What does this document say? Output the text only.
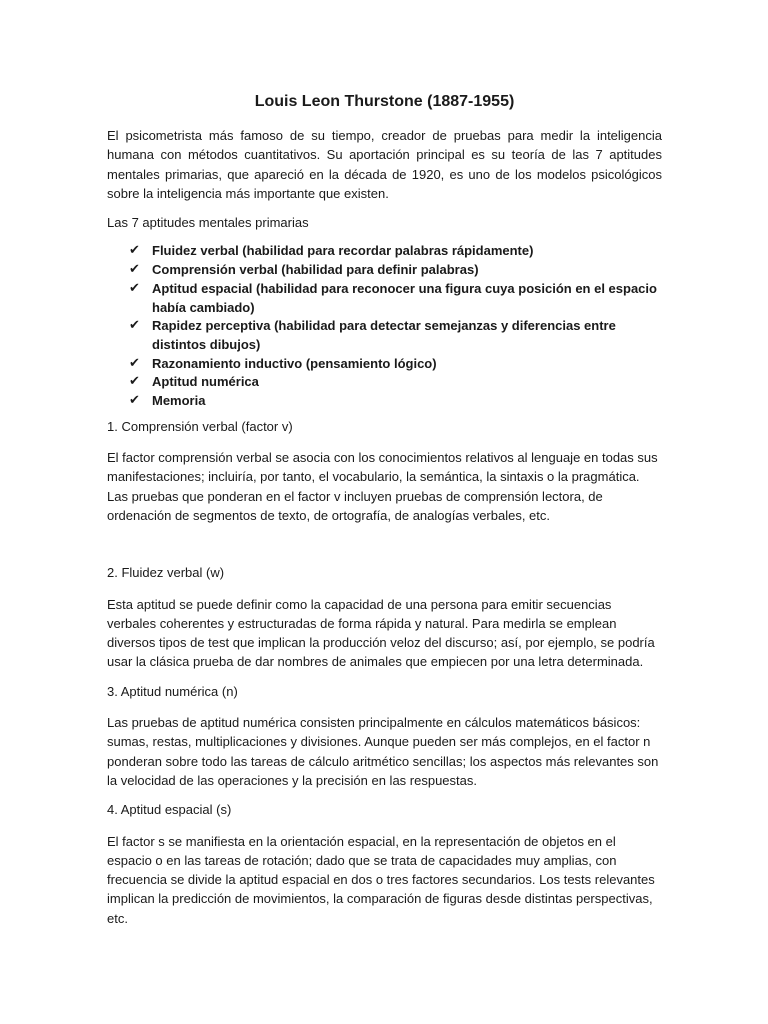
Louis Leon Thurstone (1887-1955)

El psicometrista más famoso de su tiempo, creador de pruebas para medir la inteligencia humana con métodos cuantitativos. Su aportación principal es su teoría de las 7 aptitudes mentales primarias, que apareció en la década de 1920, es uno de los modelos psicológicos sobre la inteligencia más importante que existen.

Las 7 aptitudes mentales primarias

✔ Fluidez verbal (habilidad para recordar palabras rápidamente)
✔ Comprensión verbal (habilidad para definir palabras)
✔ Aptitud espacial (habilidad para reconocer una figura cuya posición en el espacio había cambiado)
✔ Rapidez perceptiva (habilidad para detectar semejanzas y diferencias entre distintos dibujos)
✔ Razonamiento inductivo (pensamiento lógico)
✔ Aptitud numérica
✔ Memoria

1. Comprensión verbal (factor v)

El factor comprensión verbal se asocia con los conocimientos relativos al lenguaje en todas sus manifestaciones; incluiría, por tanto, el vocabulario, la semántica, la sintaxis o la pragmática. Las pruebas que ponderan en el factor v incluyen pruebas de comprensión lectora, de ordenación de segmentos de texto, de ortografía, de analogías verbales, etc.

2. Fluidez verbal (w)

Esta aptitud se puede definir como la capacidad de una persona para emitir secuencias verbales coherentes y estructuradas de forma rápida y natural. Para medirla se emplean diversos tipos de test que implican la producción veloz del discurso; así, por ejemplo, se podría usar la clásica prueba de dar nombres de animales que empiecen por una letra determinada.

3. Aptitud numérica (n)

Las pruebas de aptitud numérica consisten principalmente en cálculos matemáticos básicos: sumas, restas, multiplicaciones y divisiones. Aunque pueden ser más complejos, en el factor n ponderan sobre todo las tareas de cálculo aritmético sencillas; los aspectos más relevantes son la velocidad de las operaciones y la precisión en las respuestas.

4. Aptitud espacial (s)

El factor s se manifiesta en la orientación espacial, en la representación de objetos en el espacio o en las tareas de rotación; dado que se trata de capacidades muy amplias, con frecuencia se divide la aptitud espacial en dos o tres factores secundarios. Los tests relevantes implican la predicción de movimientos, la comparación de figuras desde distintas perspectivas, etc.
